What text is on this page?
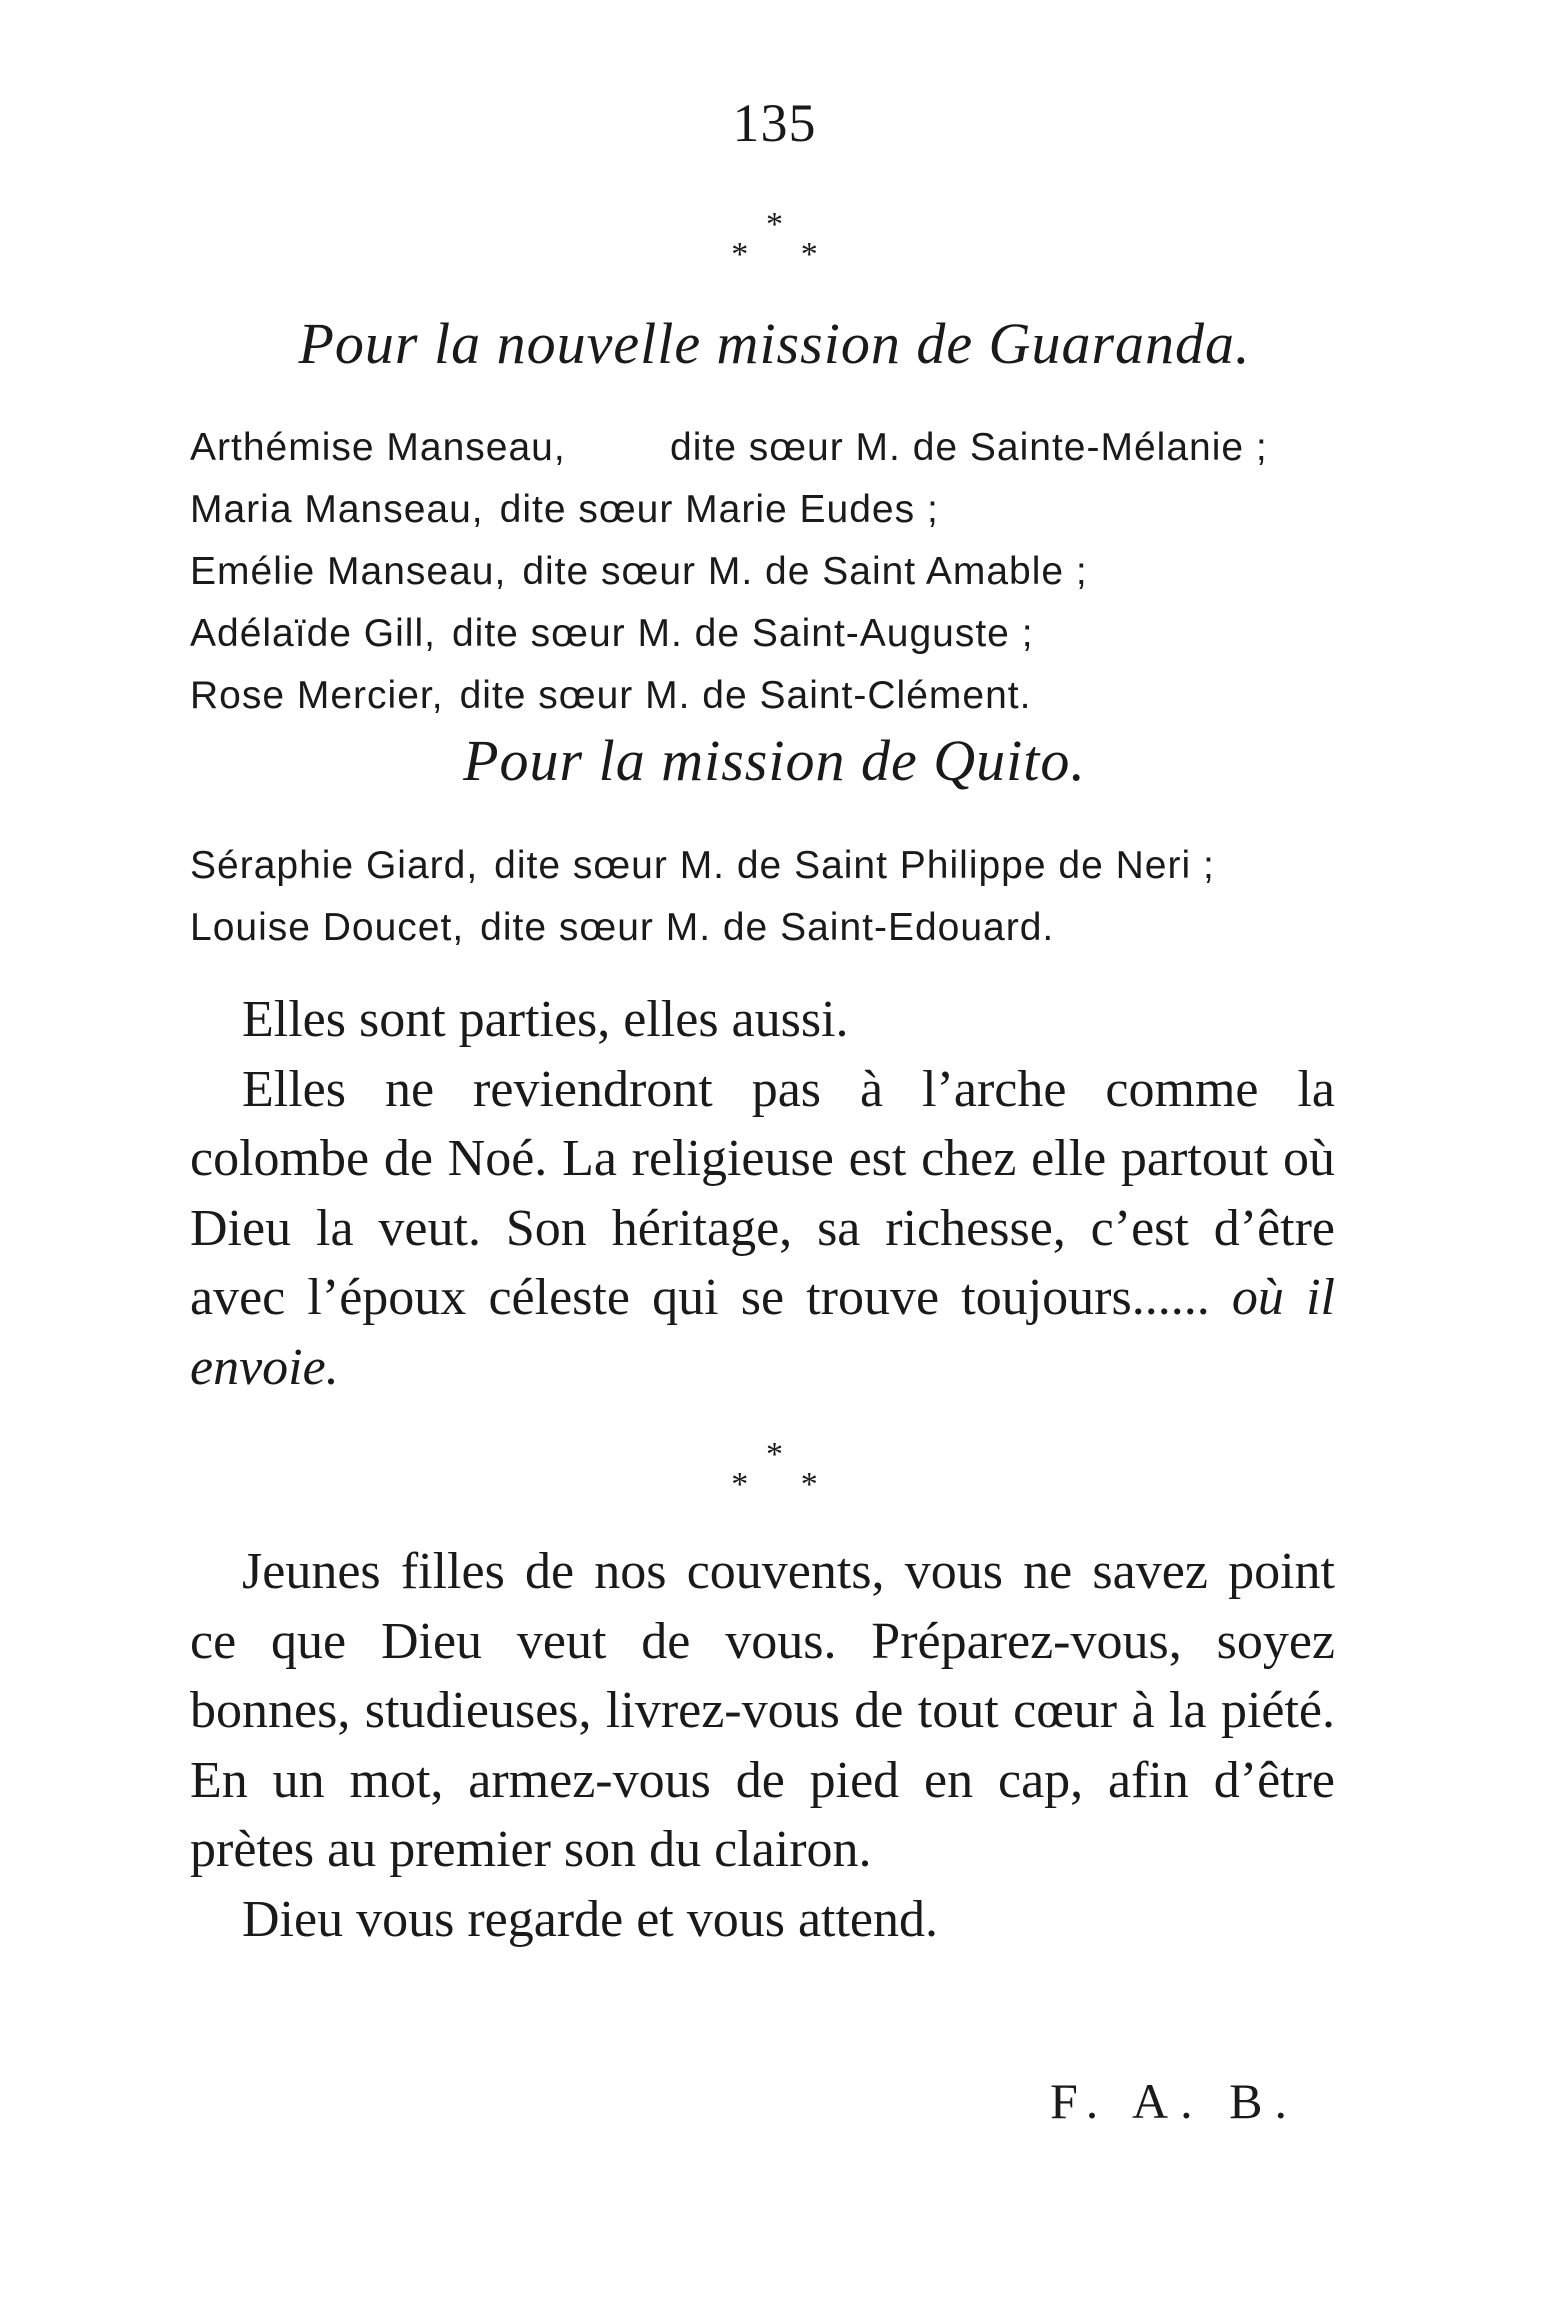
135
*
* *
Pour la nouvelle mission de Guaranda.
Arthémise Manseau,	dite sœur M. de Sainte-Mélanie ;
Maria Manseau, dite sœur Marie Eudes ;
Emélie Manseau, dite sœur M. de Saint Amable ;
Adélaïde Gill, dite sœur M. de Saint-Auguste ;
Rose Mercier, dite sœur M. de Saint-Clément.
Pour la mission de Quito.
Séraphie Giard, dite sœur M. de Saint Philippe de Neri ;
Louise Doucet, dite sœur M. de Saint-Edouard.

Elles sont parties, elles aussi.

Elles ne reviendront pas à l’arche comme la colombe de Noé. La religieuse est chez elle partout où Dieu la veut. Son héritage, sa richesse, c’est d’être avec l’époux céleste qui se trouve toujours...... où il envoie.

*
* *

Jeunes filles de nos couvents, vous ne savez point ce que Dieu veut de vous. Préparez-vous, soyez bonnes, studieuses, livrez-vous de tout cœur à la piété. En un mot, armez-vous de pied en cap, afin d’être prètes au premier son du clairon.

Dieu vous regarde et vous attend.

F. A. B.
